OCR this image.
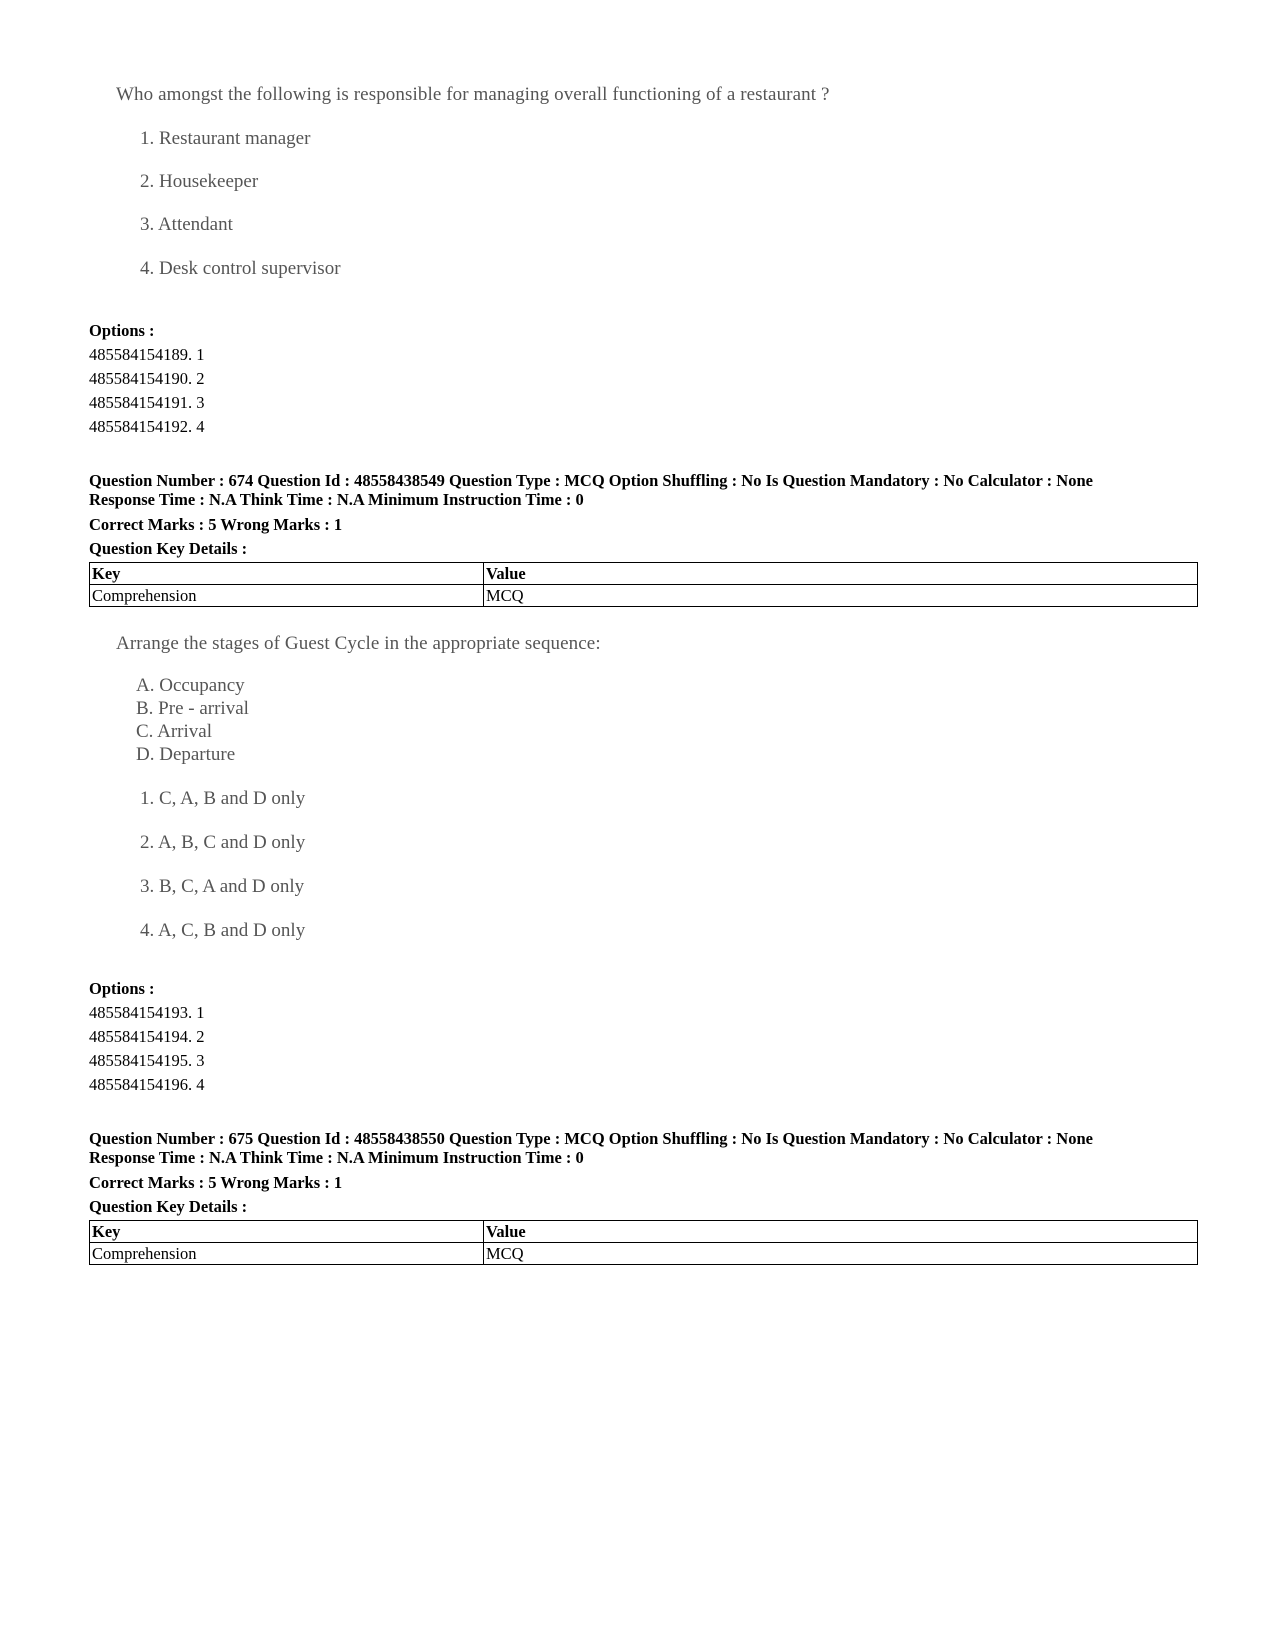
Who amongst the following is responsible for managing overall functioning of a restaurant ?
1. Restaurant manager
2. Housekeeper
3. Attendant
4. Desk control supervisor
Options :
485584154189. 1
485584154190. 2
485584154191. 3
485584154192. 4
Question Number : 674 Question Id : 48558438549 Question Type : MCQ Option Shuffling : No Is Question Mandatory : No Calculator : None
Response Time : N.A Think Time : N.A Minimum Instruction Time : 0
Correct Marks : 5 Wrong Marks : 1
Question Key Details :
Key	Value
Comprehension	MCQ
Arrange the stages of Guest Cycle in the appropriate sequence:
A. Occupancy
B. Pre - arrival
C. Arrival
D. Departure
1. C, A, B and D only
2. A, B, C and D only
3. B, C, A and D only
4. A, C, B and D only
Options :
485584154193. 1
485584154194. 2
485584154195. 3
485584154196. 4
Question Number : 675 Question Id : 48558438550 Question Type : MCQ Option Shuffling : No Is Question Mandatory : No Calculator : None
Response Time : N.A Think Time : N.A Minimum Instruction Time : 0
Correct Marks : 5 Wrong Marks : 1
Question Key Details :
Key	Value
Comprehension	MCQ
